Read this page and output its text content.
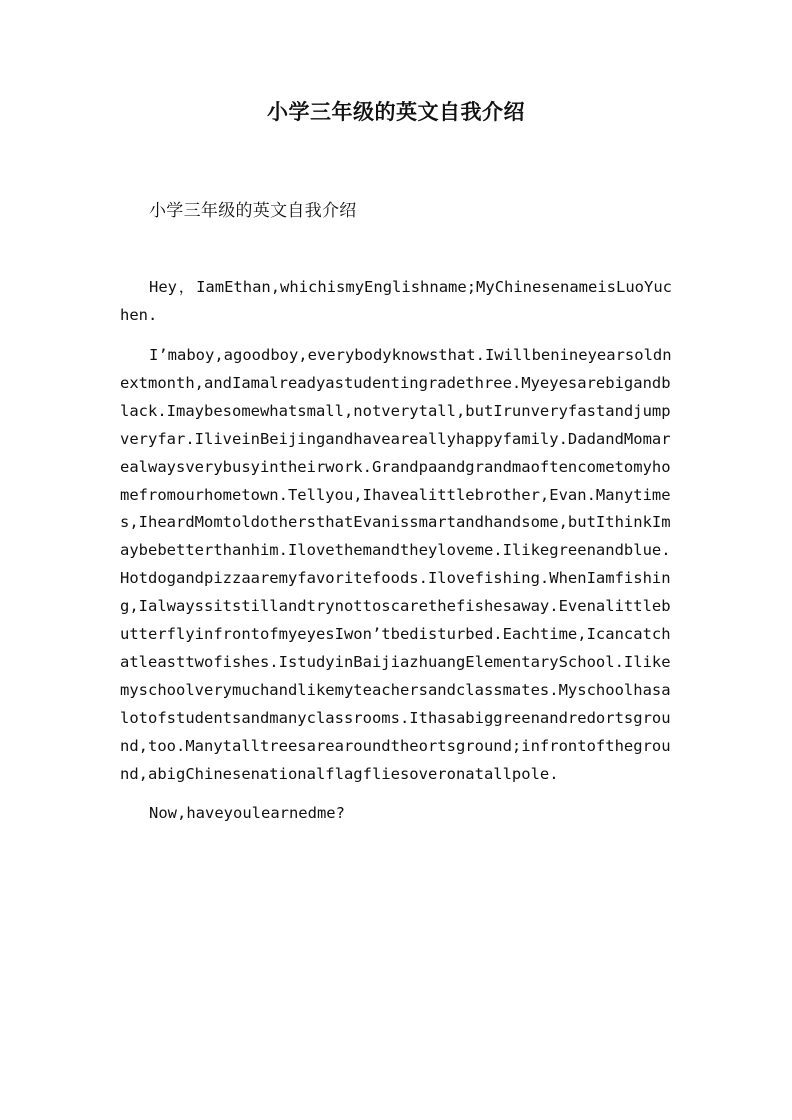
小学三年级的英文自我介绍
小学三年级的英文自我介绍

Hey，IamEthan,whichismyEnglishname;MyChinesenameisLuoYuchen.

I’maboy,agoodboy,everybodyknowsthat.Iwillbenineyearsoldnextmonth,andIamalreadyastudentingradethree.Myeyesarebigandblack.Imaybesomewhatsmall,notverytall,butIrunveryfastandjumpveryfar.IliveinBeijingandhaveareallyhappyfamily.DadandMomarealwaysverybusyintheirwork.Grandpaandgrandmaoftencometomyhomefromourhometown.Tellyou,Ihavealittlebrother,Evan.Manytimes,IheardMomtoldothersthatEvanissmartandhandsome,butIthinkImaybebetterthanhim.Ilovethemandtheyloveme.Ilikegreenandblue.Hotdogandpizzaaremyfavoritefoods.Ilovefishing.WhenIamfishing,Ialwayssitstillandtrynottoscarethefishesaway.EvenalittlebutterflyinfrontofmyeyesIwon’tbedisturbed.Eachtime,Icancatchatleasttwofishes.IstudyinBaijiazhuangElementarySchool.Ilikemyschoolverymuchandlikemyteachersandclassmates.Myschoolhasalotofstudentsandmanyclassrooms.Ithasabiggreenandredortsground,too.Manytalltreesarearoundtheortsground;infrontofthеground,abigChinesenationalflagfliesoveronatallpole.

Now,haveyoulearnedme?
